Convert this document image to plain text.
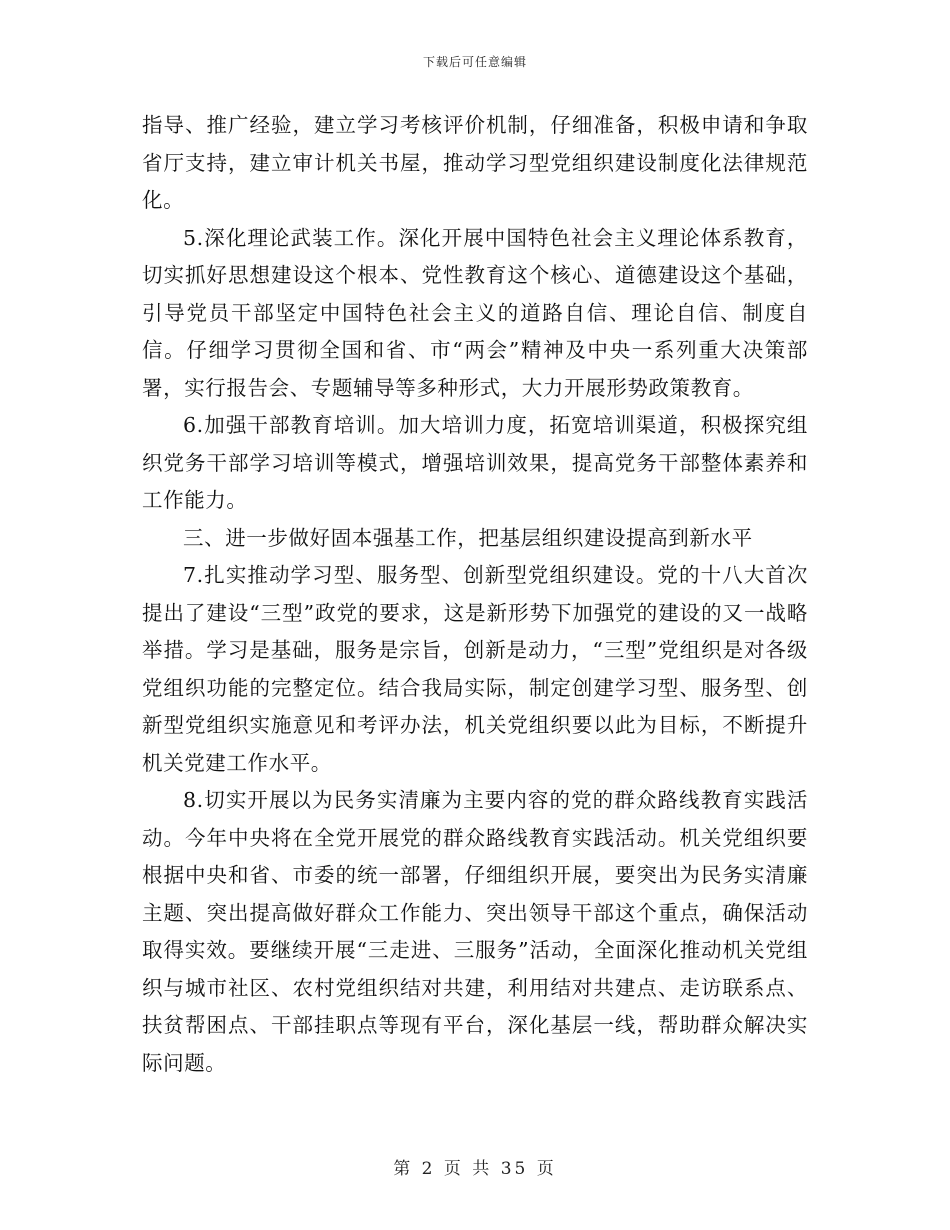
下载后可任意编辑

指导、推广经验，建立学习考核评价机制，仔细准备，积极申请和争取省厅支持，建立审计机关书屋，推动学习型党组织建设制度化法律规范化。

5.深化理论武装工作。深化开展中国特色社会主义理论体系教育，切实抓好思想建设这个根本、党性教育这个核心、道德建设这个基础，引导党员干部坚定中国特色社会主义的道路自信、理论自信、制度自信。仔细学习贯彻全国和省、市“两会”精神及中央一系列重大决策部署，实行报告会、专题辅导等多种形式，大力开展形势政策教育。

6.加强干部教育培训。加大培训力度，拓宽培训渠道，积极探究组织党务干部学习培训等模式，增强培训效果，提高党务干部整体素养和工作能力。

三、进一步做好固本强基工作，把基层组织建设提高到新水平

7.扎实推动学习型、服务型、创新型党组织建设。党的十八大首次提出了建设“三型”政党的要求，这是新形势下加强党的建设的又一战略举措。学习是基础，服务是宗旨，创新是动力，“三型”党组织是对各级党组织功能的完整定位。结合我局实际，制定创建学习型、服务型、创新型党组织实施意见和考评办法，机关党组织要以此为目标，不断提升机关党建工作水平。

8.切实开展以为民务实清廉为主要内容的党的群众路线教育实践活动。今年中央将在全党开展党的群众路线教育实践活动。机关党组织要根据中央和省、市委的统一部署，仔细组织开展，要突出为民务实清廉主题、突出提高做好群众工作能力、突出领导干部这个重点，确保活动取得实效。要继续开展“三走进、三服务”活动，全面深化推动机关党组织与城市社区、农村党组织结对共建，利用结对共建点、走访联系点、扶贫帮困点、干部挂职点等现有平台，深化基层一线，帮助群众解决实际问题。

第 2 页 共 35 页
